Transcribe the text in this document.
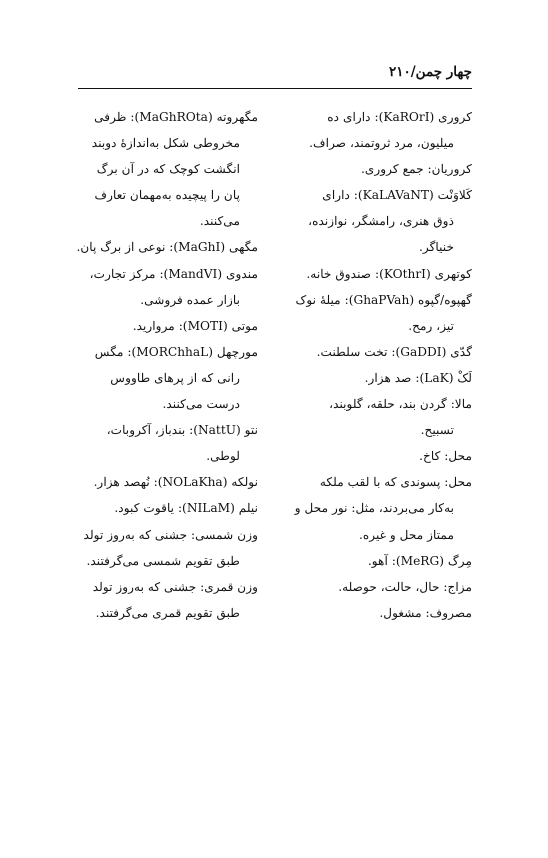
چهار چمن/۲۱۰
کروری (KaROrI): دارای ده
میلیون، مرد ثروتمند، صراف.
کروریان: جمع کروری.
کَلاوَنْت (KaLAVaNT): دارای
ذوق هنری، رامشگر، نوازنده،
خنیاگر.
کوتهری (KOthrI): صندوق خانه.
گهپوه/گپوه (GhaPVah): میلهٔ نوک
تیز، رمح.
گدّی (GaDDI): تخت سلطنت.
لَکْ (LaK): صد هزار.
مالا: گردن بند، حلقه، گلوبند،
تسبیح.
محل: کاخ.
محل: پسوندی که با لقب ملکه
به‌کار می‌بردند، مثل: نور محل و
ممتاز محل و غیره.
مِرگ (MeRG): آهو.
مزاج: حال، حالت، حوصله.
مصروف: مشغول.
مگهروته (MaGhROta): ظرفی
مخروطی شکل به‌اندازهٔ دوبند
انگشت کوچک که در آن برگ
پان را پیچیده به‌مهمان تعارف
می‌کنند.
مگهی (MaGhI): نوعی از برگ پان.
مندوی (MandVI): مرکز تجارت،
بازار عمده فروشی.
موتی (MOTI): مروارید.
مورچهل (MORChhaL): مگس
رانی که از پرهای طاووس
درست می‌کنند.
نتو (NattU): بندباز، آکروبات،
لوطی.
نولکه (NOLaKha): نُهصد هزار.
نیلم (NILaM): یاقوت کبود.
وزن شمسی: جشنی که به‌روز تولد
طبق تقویم شمسی می‌گرفتند.
وزن قمری: جشنی که به‌روز تولد
طبق تقویم قمری می‌گرفتند.
